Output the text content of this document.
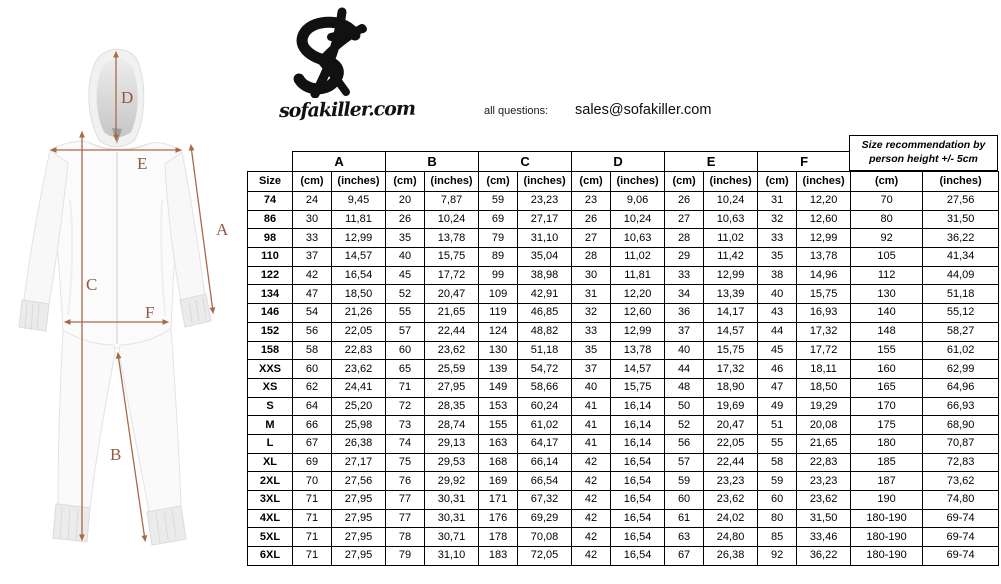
A
B
C
D
E
F
sofakiller.com	all questions: sales@sofakiller.com
	A		B		C		D		E		F			
Size	(cm)	(inches)	(cm)	(inches)	(cm)	(inches)	(cm)	(inches)	(cm)	(inches)	(cm)	(inches)	(cm)	(inches)
74	24	9,45	20	7,87	59	23,23	23	9,06	26	10,24	31	12,20	70	27,56
86	30	11,81	26	10,24	69	27,17	26	10,24	27	10,63	32	12,60	80	31,50
98	33	12,99	35	13,78	79	31,10	27	10,63	28	11,02	33	12,99	92	36,22
110	37	14,57	40	15,75	89	35,04	28	11,02	29	11,42	35	13,78	105	41,34
122	42	16,54	45	17,72	99	38,98	30	11,81	33	12,99	38	14,96	112	44,09
134	47	18,50	52	20,47	109	42,91	31	12,20	34	13,39	40	15,75	130	51,18
146	54	21,26	55	21,65	119	46,85	32	12,60	36	14,17	43	16,93	140	55,12
152	56	22,05	57	22,44	124	48,82	33	12,99	37	14,57	44	17,32	148	58,27
158	58	22,83	60	23,62	130	51,18	35	13,78	40	15,75	45	17,72	155	61,02
XXS	60	23,62	65	25,59	139	54,72	37	14,57	44	17,32	46	18,11	160	62,99
XS	62	24,41	71	27,95	149	58,66	40	15,75	48	18,90	47	18,50	165	64,96
S	64	25,20	72	28,35	153	60,24	41	16,14	50	19,69	49	19,29	170	66,93
M	66	25,98	73	28,74	155	61,02	41	16,14	52	20,47	51	20,08	175	68,90
L	67	26,38	74	29,13	163	64,17	41	16,14	56	22,05	55	21,65	180	70,87
XL	69	27,17	75	29,53	168	66,14	42	16,54	57	22,44	58	22,83	185	72,83
2XL	70	27,56	76	29,92	169	66,54	42	16,54	59	23,23	59	23,23	187	73,62
3XL	71	27,95	77	30,31	171	67,32	42	16,54	60	23,62	60	23,62	190	74,80
4XL	71	27,95	77	30,31	176	69,29	42	16,54	61	24,02	80	31,50	180-190	69-74
5XL	71	27,95	78	30,71	178	70,08	42	16,54	63	24,80	85	33,46	180-190	69-74
6XL	71	27,95	79	31,10	183	72,05	42	16,54	67	26,38	92	36,22	180-190	69-74
Size recommendation by
person height +/- 5cm
